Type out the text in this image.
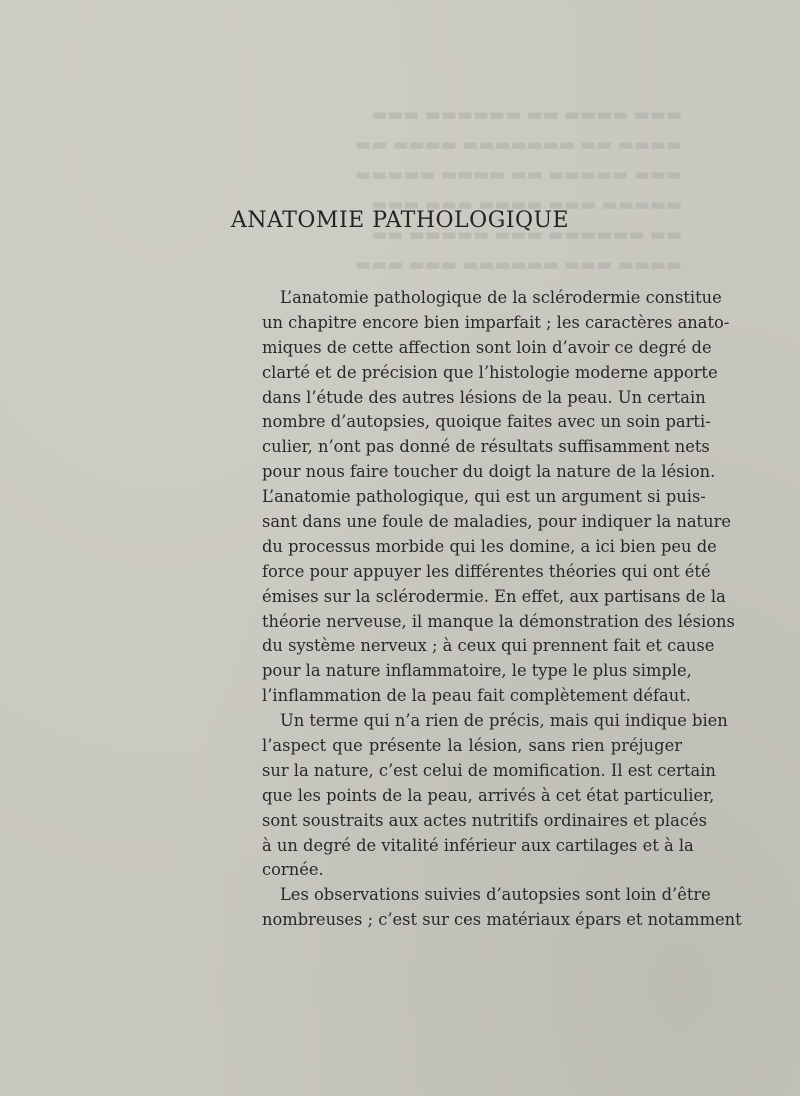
▬▬▬ ▬▬▬▬ ▬▬ ▬▬▬▬▬▬ ▬▬▬
▬▬▬▬ ▬▬ ▬▬▬▬▬▬▬ ▬▬▬▬ ▬▬
▬▬▬ ▬▬▬▬▬ ▬▬ ▬▬▬▬ ▬▬▬▬▬
▬▬▬▬▬ ▬▬▬ ▬▬▬▬ ▬▬▬ ▬▬▬
▬▬ ▬▬▬▬▬▬ ▬▬▬ ▬▬▬▬▬ ▬▬
▬▬▬▬ ▬▬▬ ▬▬▬▬▬▬ ▬▬▬ ▬▬▬
ANATOMIE PATHOLOGIQUE
L’anatomie pathologique de la sclérodermie constitue
un chapitre encore bien imparfait ; les caractères anato-
miques de cette affection sont loin d’avoir ce degré de
clarté et de précision que l’histologie moderne apporte
dans l’étude des autres lésions de la peau. Un certain
nombre d’autopsies, quoique faites avec un soin parti-
culier, n’ont pas donné de résultats suffisamment nets
pour nous faire toucher du doigt la nature de la lésion.
L’anatomie pathologique, qui est un argument si puis-
sant dans une foule de maladies, pour indiquer la nature
du processus morbide qui les domine, a ici bien peu de
force pour appuyer les différentes théories qui ont été
émises sur la sclérodermie. En effet, aux partisans de la
théorie nerveuse, il manque la démonstration des lésions
du système nerveux ; à ceux qui prennent fait et cause
pour la nature inflammatoire, le type le plus simple,
l’inflammation de la peau fait complètement défaut.
Un terme qui n’a rien de précis, mais qui indique bien
l’aspect que présente la lésion, sans rien préjuger
sur la nature, c’est celui de momification. Il est certain
que les points de la peau, arrivés à cet état particulier,
sont soustraits aux actes nutritifs ordinaires et placés
à un degré de vitalité inférieur aux cartilages et à la
cornée.
Les observations suivies d’autopsies sont loin d’être
nombreuses ; c’est sur ces matériaux épars et notamment
